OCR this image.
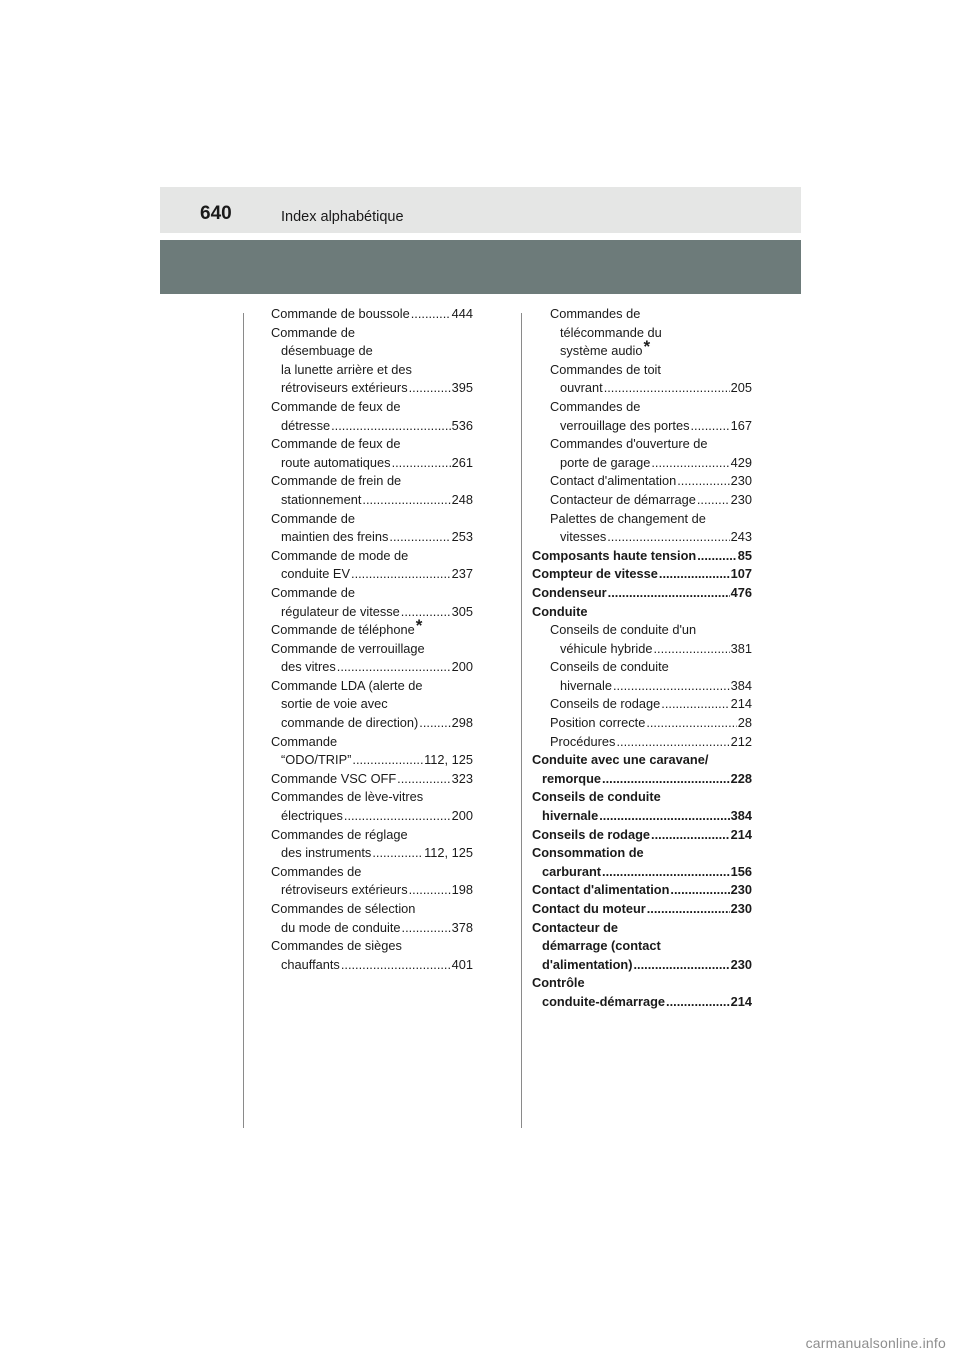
640	Index alphabétique
Commande de boussole .....	444
Commande de
désembuage de
la lunette arrière et des
rétroviseurs extérieurs .....	395
Commande de feux de
détresse .....	536
Commande de feux de
route automatiques .....	261
Commande de frein de
stationnement .....	248
Commande de
maintien des freins .....	253
Commande de mode de
conduite EV .....	237
Commande de
régulateur de vitesse .....	305
Commande de téléphone*
Commande de verrouillage
des vitres .....	200
Commande LDA (alerte de
sortie de voie avec
commande de direction) .....	298
Commande
“ODO/TRIP” .....	112, 125
Commande VSC OFF .....	323
Commandes de lève-vitres
électriques .....	200
Commandes de réglage
des instruments .....	112, 125
Commandes de
rétroviseurs extérieurs .....	198
Commandes de sélection
du mode de conduite .....	378
Commandes de sièges
chauffants .....	401
Commandes de
télécommande du
système audio*
Commandes de toit
ouvrant .....	205
Commandes de
verrouillage des portes .....	167
Commandes d'ouverture de
porte de garage .....	429
Contact d'alimentation .....	230
Contacteur de démarrage .....	230
Palettes de changement de
vitesses .....	243
Composants haute tension .....	85
Compteur de vitesse .....	107
Condenseur .....	476
Conduite
Conseils de conduite d'un
véhicule hybride .....	381
Conseils de conduite
hivernale .....	384
Conseils de rodage .....	214
Position correcte .....	28
Procédures .....	212
Conduite avec une caravane/
remorque .....	228
Conseils de conduite
hivernale .....	384
Conseils de rodage .....	214
Consommation de
carburant .....	156
Contact d'alimentation .....	230
Contact du moteur .....	230
Contacteur de
démarrage (contact
d'alimentation) .....	230
Contrôle
conduite-démarrage .....	214
carmanualsonline.info
